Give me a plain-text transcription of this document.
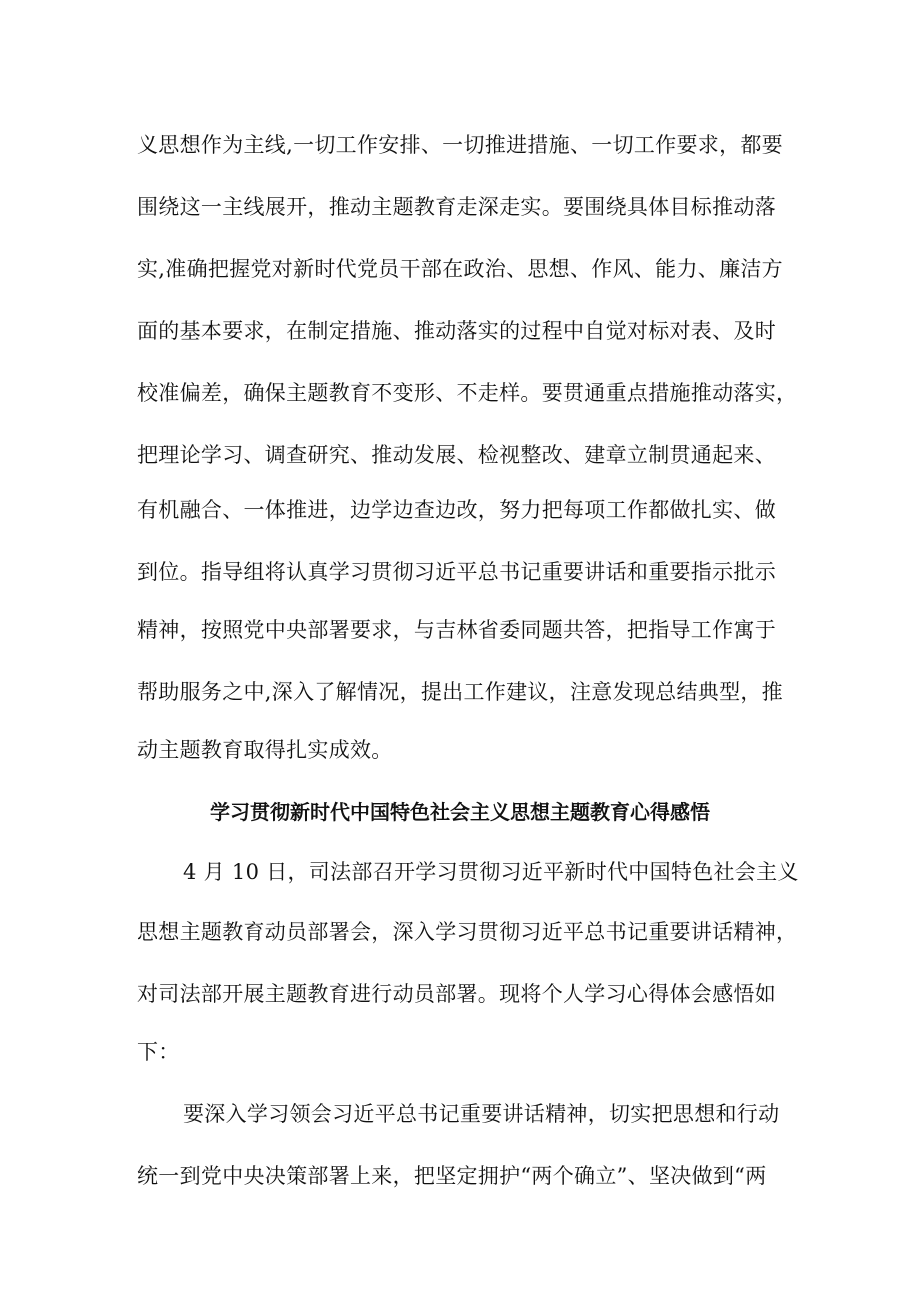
义思想作为主线,一切工作安排、一切推进措施、一切工作要求，都要
围绕这一主线展开，推动主题教育走深走实。要围绕具体目标推动落
实,准确把握党对新时代党员干部在政治、思想、作风、能力、廉洁方
面的基本要求，在制定措施、推动落实的过程中自觉对标对表、及时
校准偏差，确保主题教育不变形、不走样。要贯通重点措施推动落实，
把理论学习、调查研究、推动发展、检视整改、建章立制贯通起来、
有机融合、一体推进，边学边查边改，努力把每项工作都做扎实、做
到位。指导组将认真学习贯彻习近平总书记重要讲话和重要指示批示
精神，按照党中央部署要求，与吉林省委同题共答，把指导工作寓于
帮助服务之中,深入了解情况，提出工作建议，注意发现总结典型，推
动主题教育取得扎实成效。
学习贯彻新时代中国特色社会主义思想主题教育心得感悟
4 月 10 日，司法部召开学习贯彻习近平新时代中国特色社会主义
思想主题教育动员部署会，深入学习贯彻习近平总书记重要讲话精神，
对司法部开展主题教育进行动员部署。现将个人学习心得体会感悟如
下：
要深入学习领会习近平总书记重要讲话精神，切实把思想和行动
统一到党中央决策部署上来，把坚定拥护“两个确立”、坚决做到“两
